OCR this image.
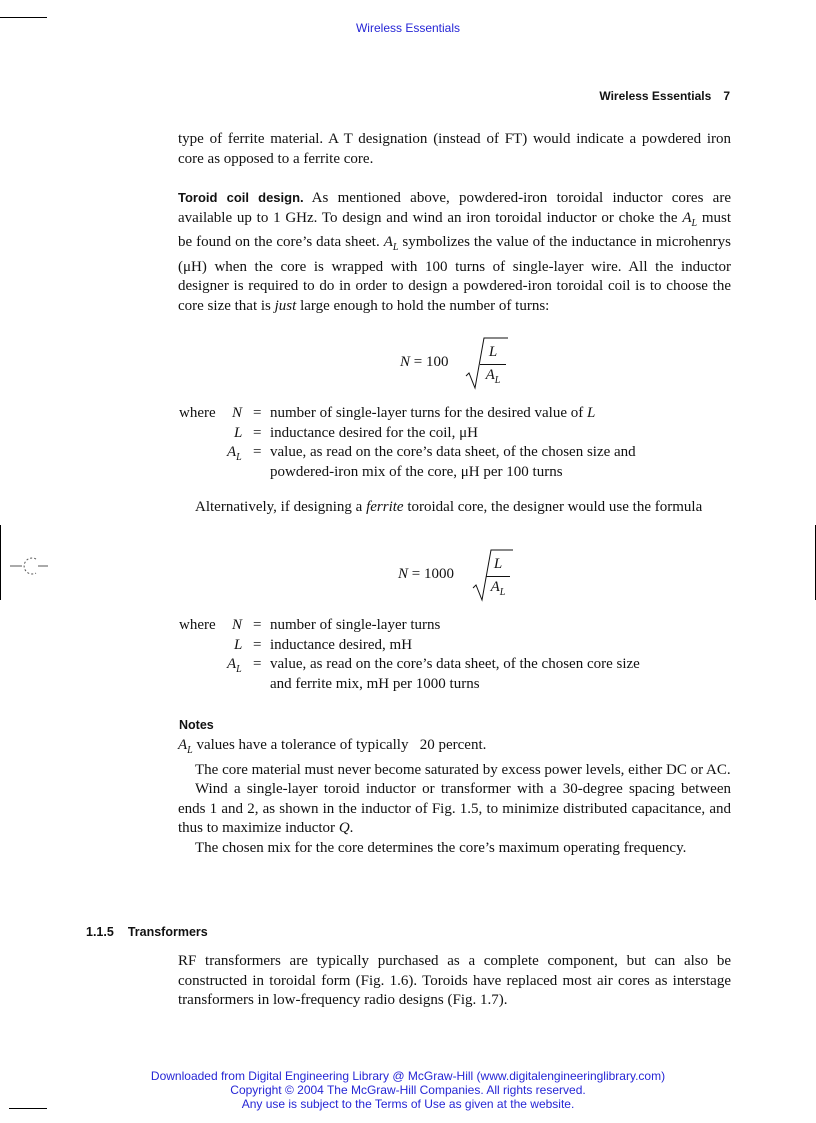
Wireless Essentials
Wireless Essentials 7

type of ferrite material. A T designation (instead of FT) would indicate a powdered iron core as opposed to a ferrite core.

Toroid coil design. As mentioned above, powdered-iron toroidal inductor cores are available up to 1 GHz. To design and wind an iron toroidal inductor or choke the $A_L$ must be found on the core’s data sheet. $A_L$ symbolizes the value of the inductance in microhenrys (μH) when the core is wrapped with 100 turns of single-layer wire. All the inductor designer is required to do in order to design a powdered-iron toroidal coil is to choose the core size that is just large enough to hold the number of turns:

N = 100
L
$A_L$
where N = number of single-layer turns for the desired value of L
L = inductance desired for the coil, μH
$A_L$ = value, as read on the core’s data sheet, of the chosen size and
powdered-iron mix of the core, μH per 100 turns

Alternatively, if designing a ferrite toroidal core, the designer would use the formula

N = 1000
L
$A_L$
where N = number of single-layer turns
L = inductance desired, mH
$A_L$ = value, as read on the core’s data sheet, of the chosen core size
and ferrite mix, mH per 1000 turns
Notes

$A_L$ values have a tolerance of typically   20 percent.

The core material must never become saturated by excess power levels, either DC or AC.

Wind a single-layer toroid inductor or transformer with a 30-degree spacing between ends 1 and 2, as shown in the inductor of Fig. 1.5, to minimize distributed capacitance, and thus to maximize inductor Q.

The chosen mix for the core determines the core’s maximum operating frequency.

1.1.5 Transformers

RF transformers are typically purchased as a complete component, but can also be constructed in toroidal form (Fig. 1.6). Toroids have replaced most air cores as interstage transformers in low-frequency radio designs (Fig. 1.7).

Downloaded from Digital Engineering Library @ McGraw-Hill (www.digitalengineeringlibrary.com)
Copyright © 2004 The McGraw-Hill Companies. All rights reserved.
Any use is subject to the Terms of Use as given at the website.
